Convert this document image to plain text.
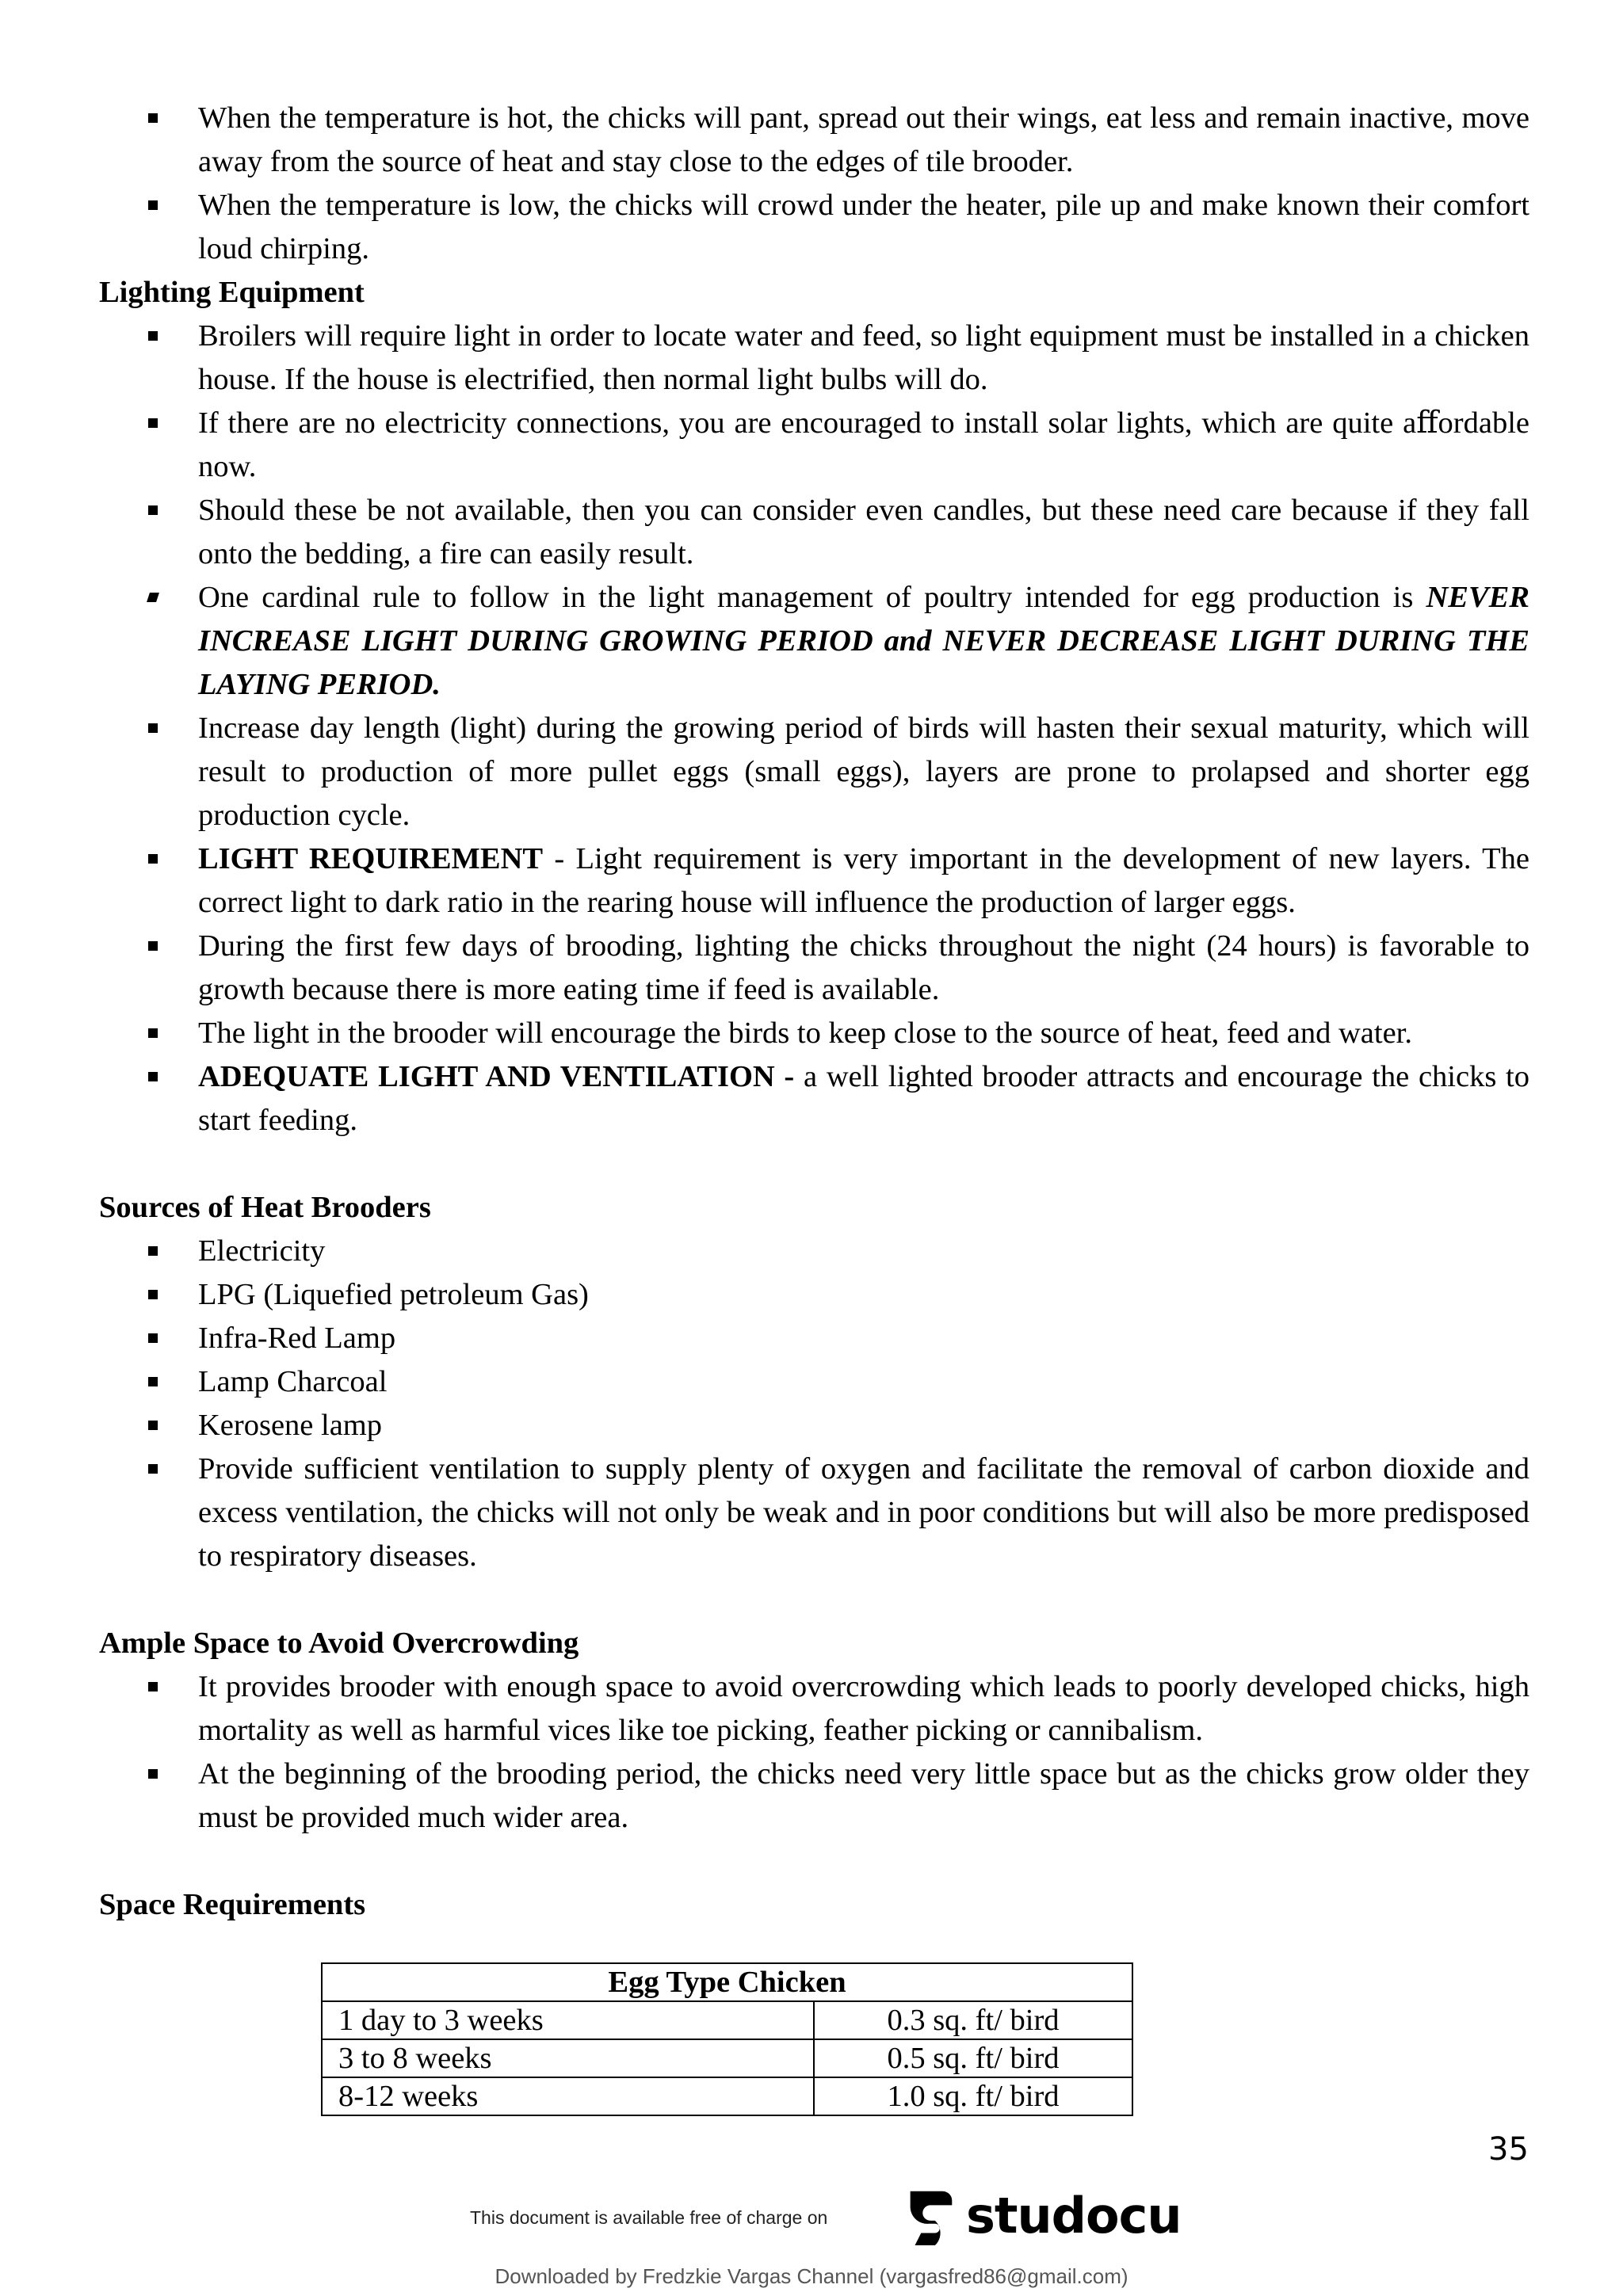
When the temperature is hot, the chicks will pant, spread out their wings, eat less and remain inactive, move away from the source of heat and stay close to the edges of tile brooder.
When the temperature is low, the chicks will crowd under the heater, pile up and make known their comfort loud chirping.
Lighting Equipment
Broilers will require light in order to locate water and feed, so light equipment must be installed in a chicken house. If the house is electrified, then normal light bulbs will do.
If there are no electricity connections, you are encouraged to install solar lights, which are quite aﬀordable now.
Should these be not available, then you can consider even candles, but these need care because if they fall onto the bedding, a fire can easily result.
One cardinal rule to follow in the light management of poultry intended for egg production is NEVER INCREASE LIGHT DURING GROWING PERIOD and NEVER DECREASE LIGHT DURING THE LAYING PERIOD.
Increase day length (light) during the growing period of birds will hasten their sexual maturity, which will result to production of more pullet eggs (small eggs), layers are prone to prolapsed and shorter egg production cycle.
LIGHT REQUIREMENT - Light requirement is very important in the development of new layers. The correct light to dark ratio in the rearing house will influence the production of larger eggs.
During the first few days of brooding, lighting the chicks throughout the night (24 hours) is favorable to growth because there is more eating time if feed is available.
The light in the brooder will encourage the birds to keep close to the source of heat, feed and water.
ADEQUATE LIGHT AND VENTILATION - a well lighted brooder attracts and encourage the chicks to start feeding.
Sources of Heat Brooders
Electricity
LPG (Liquefied petroleum Gas)
Infra-Red Lamp
Lamp Charcoal
Kerosene lamp
Provide sufficient ventilation to supply plenty of oxygen and facilitate the removal of carbon dioxide and excess ventilation, the chicks will not only be weak and in poor conditions but will also be more predisposed to respiratory diseases.
Ample Space to Avoid Overcrowding
It provides brooder with enough space to avoid overcrowding which leads to poorly developed chicks, high mortality as well as harmful vices like toe picking, feather picking or cannibalism.
At the beginning of the brooding period, the chicks need very little space but as the chicks grow older they must be provided much wider area.
Space Requirements
Egg Type Chicken	
1 day to 3 weeks	0.3 sq. ft/ bird
3 to 8 weeks	0.5 sq. ft/ bird
8-12 weeks	1.0 sq. ft/ bird
35
This document is available free of charge on	studocu
Downloaded by Fredzkie Vargas Channel (vargasfred86@gmail.com)
